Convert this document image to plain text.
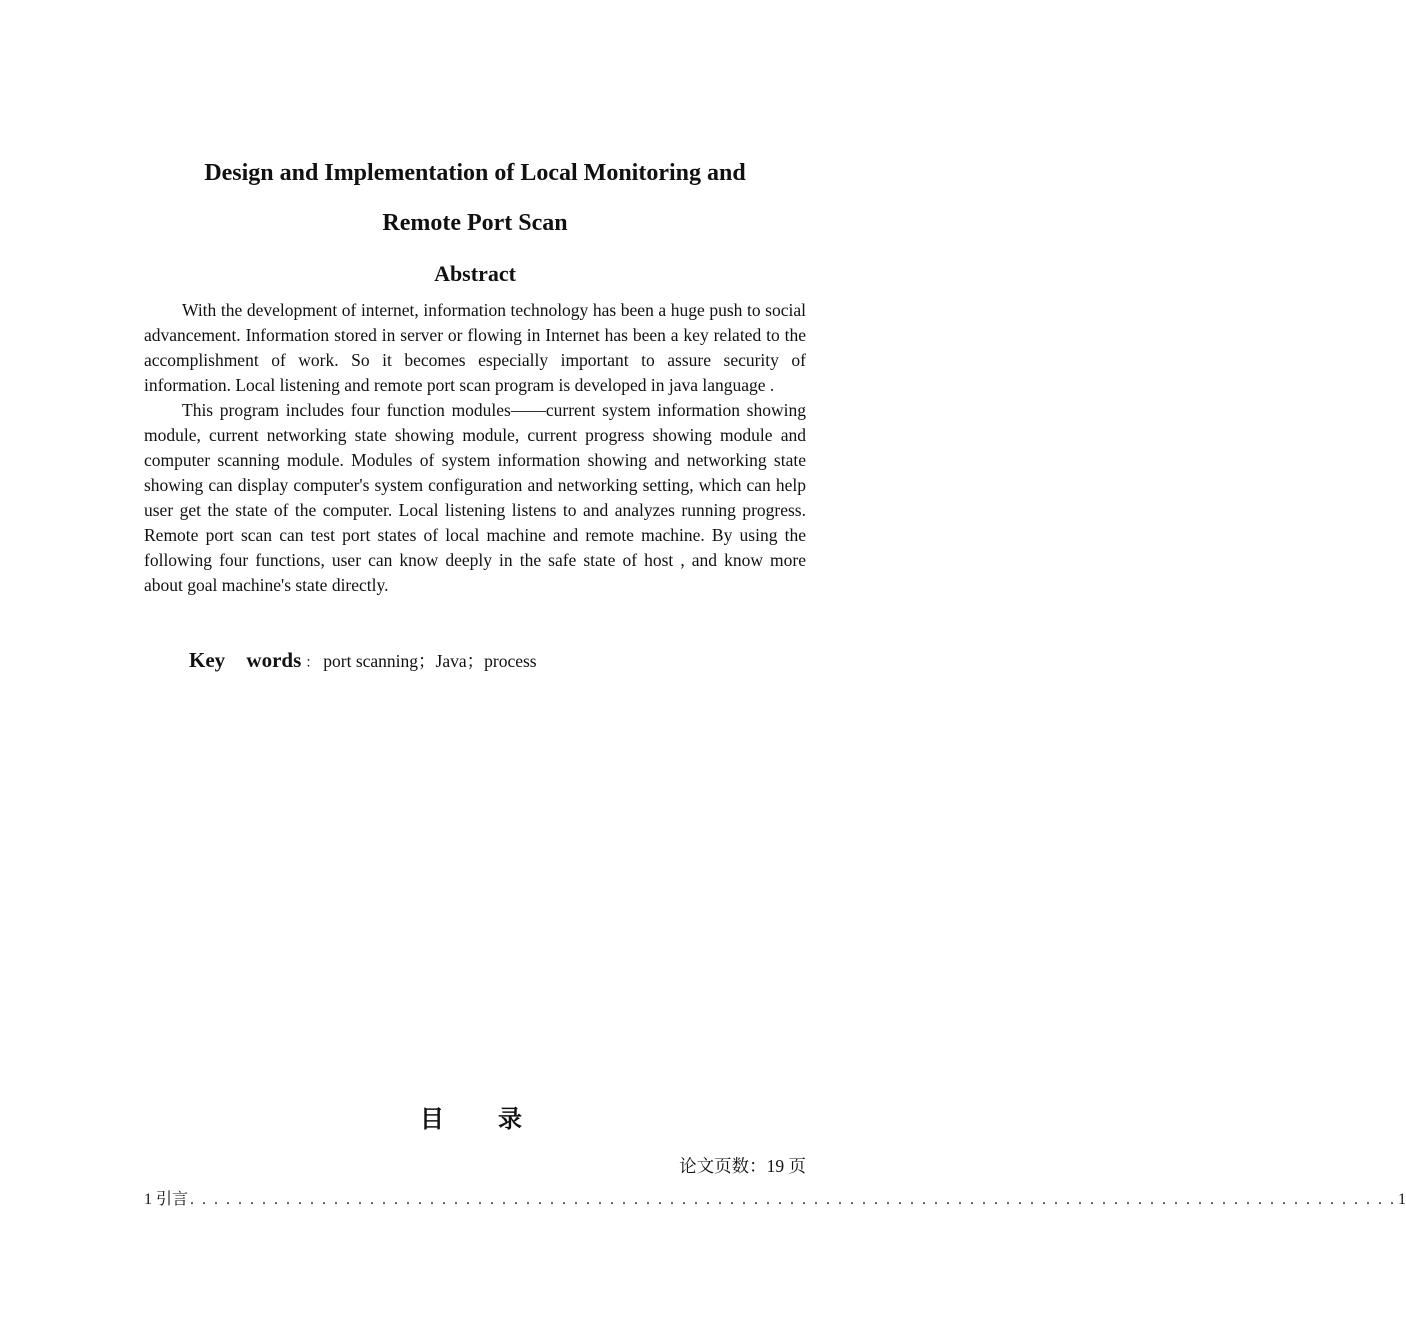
Design and Implementation of Local Monitoring and
Remote Port Scan
Abstract

With the development of internet, information technology has been a huge push to social advancement. Information stored in server or flowing in Internet has been a key related to the accomplishment of work. So it becomes especially important to assure security of information. Local listening and remote port scan program is developed in java language .

This program includes four function modules——current system information showing module, current networking state showing module, current progress showing module and computer scanning module. Modules of system information showing and networking state showing can display computer's system configuration and networking setting, which can help user get the state of the computer. Local listening listens to and analyzes running progress. Remote port scan can test port states of local machine and remote machine. By using the following four functions, user can know deeply in the safe state of host , and know more about goal machine's state directly.

Key words ： port scanning；Java；process
目 录
论文页数：19 页
1 引言 . . . . . . . . . . . . . . . . . . . . . . . . . . . . . . . . . . . . . . . . . . . . . . . . . . . . . . . . . . . . . . . . . . . . . . . . . . . . . . . . . . . . . . . . . . . . . . . . . . . . . 1
